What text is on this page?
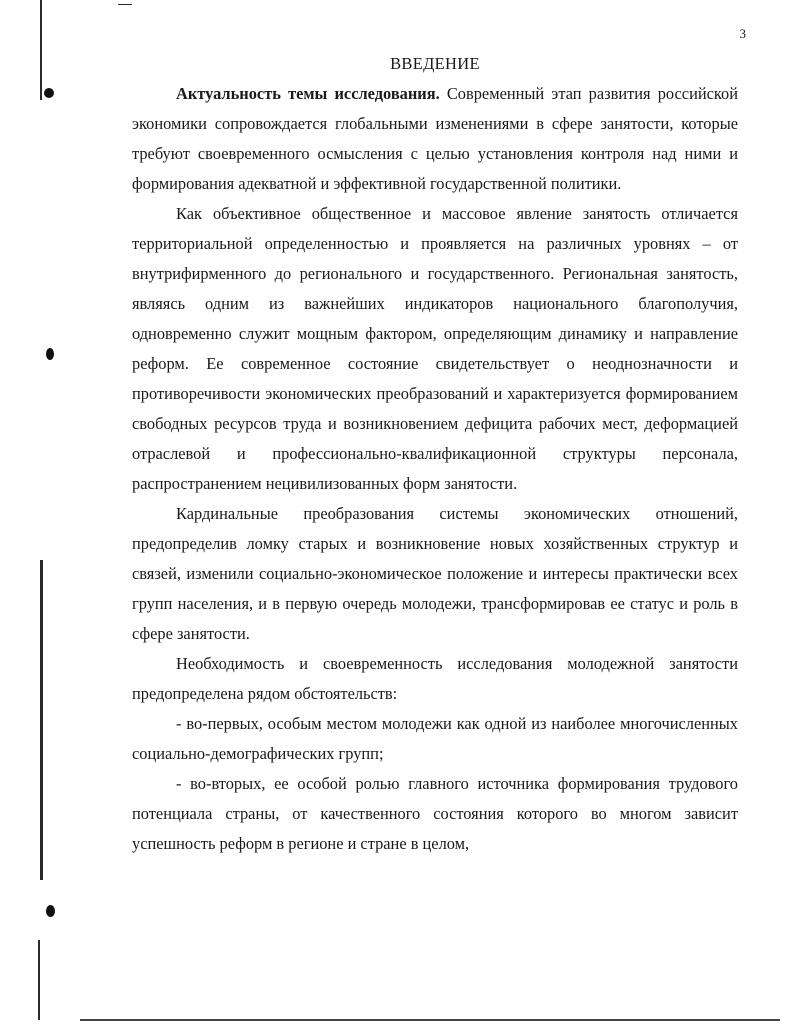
3
ВВЕДЕНИЕ

Актуальность темы исследования. Современный этап развития российской экономики сопровождается глобальными изменениями в сфере занятости, которые требуют своевременного осмысления с целью установления контроля над ними и формирования адекватной и эффективной государственной политики.

Как объективное общественное и массовое явление занятость отличается территориальной определенностью и проявляется на различных уровнях – от внутрифирменного до регионального и государственного. Региональная занятость, являясь одним из важнейших индикаторов национального благополучия, одновременно служит мощным фактором, определяющим динамику и направление реформ. Ее современное состояние свидетельствует о неоднозначности и противоречивости экономических преобразований и характеризуется формированием свободных ресурсов труда и возникновением дефицита рабочих мест, деформацией отраслевой и профессионально-квалификационной структуры персонала, распространением нецивилизованных форм занятости.

Кардинальные преобразования системы экономических отношений, предопределив ломку старых и возникновение новых хозяйственных структур и связей, изменили социально-экономическое положение и интересы практически всех групп населения, и в первую очередь молодежи, трансформировав ее статус и роль в сфере занятости.

Необходимость и своевременность исследования молодежной занятости предопределена рядом обстоятельств:

- во-первых, особым местом молодежи как одной из наиболее многочисленных социально-демографических групп;

- во-вторых, ее особой ролью главного источника формирования трудового потенциала страны, от качественного состояния которого во многом зависит успешность реформ в регионе и стране в целом,
